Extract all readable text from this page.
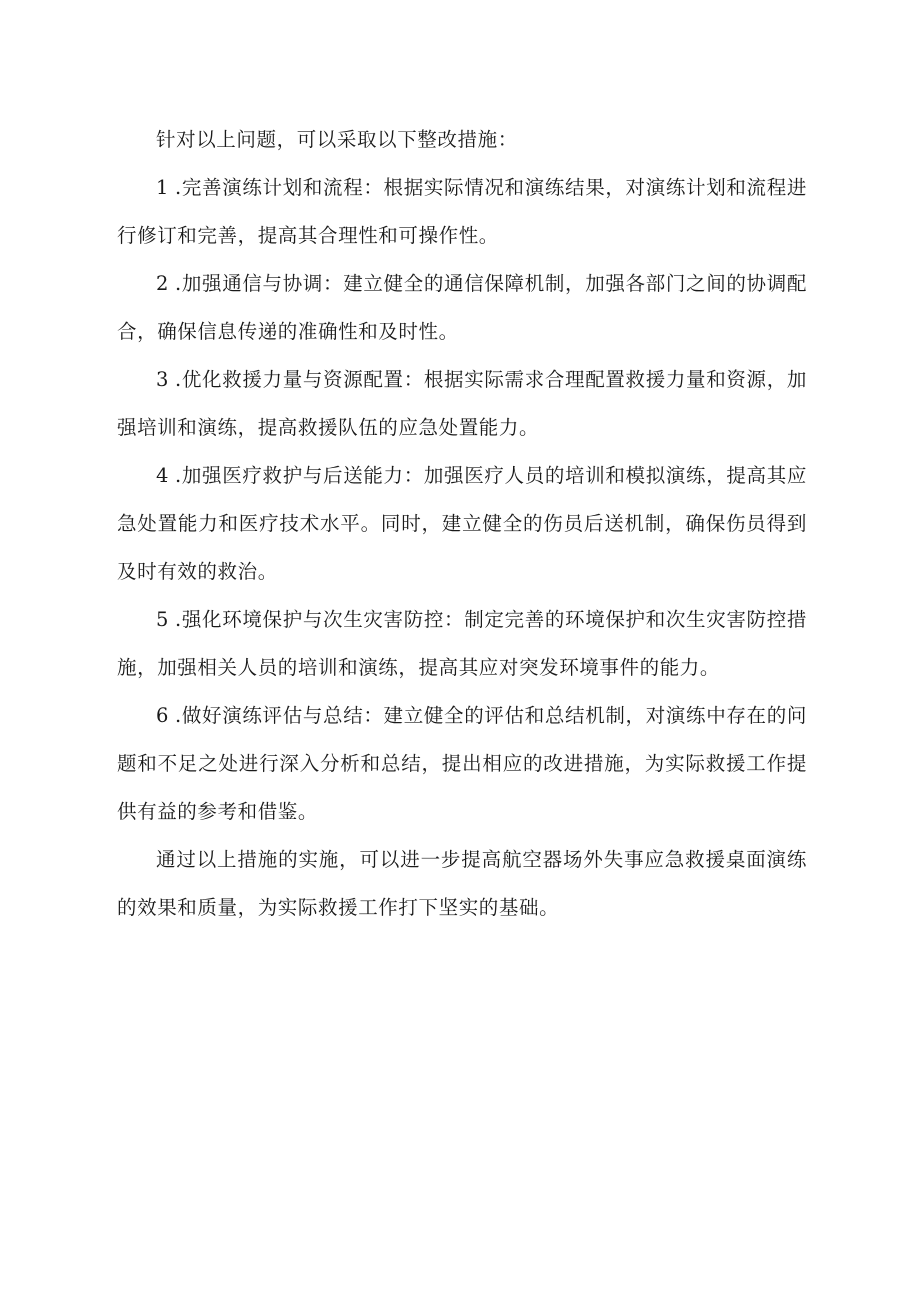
针对以上问题，可以采取以下整改措施：

1 .完善演练计划和流程：根据实际情况和演练结果，对演练计划和流程进行修订和完善，提高其合理性和可操作性。

2 .加强通信与协调：建立健全的通信保障机制，加强各部门之间的协调配合，确保信息传递的准确性和及时性。

3 .优化救援力量与资源配置：根据实际需求合理配置救援力量和资源，加强培训和演练，提高救援队伍的应急处置能力。

4 .加强医疗救护与后送能力：加强医疗人员的培训和模拟演练，提高其应急处置能力和医疗技术水平。同时，建立健全的伤员后送机制，确保伤员得到及时有效的救治。

5 .强化环境保护与次生灾害防控：制定完善的环境保护和次生灾害防控措施，加强相关人员的培训和演练，提高其应对突发环境事件的能力。

6 .做好演练评估与总结：建立健全的评估和总结机制，对演练中存在的问题和不足之处进行深入分析和总结，提出相应的改进措施，为实际救援工作提供有益的参考和借鉴。

通过以上措施的实施，可以进一步提高航空器场外失事应急救援桌面演练的效果和质量，为实际救援工作打下坚实的基础。
